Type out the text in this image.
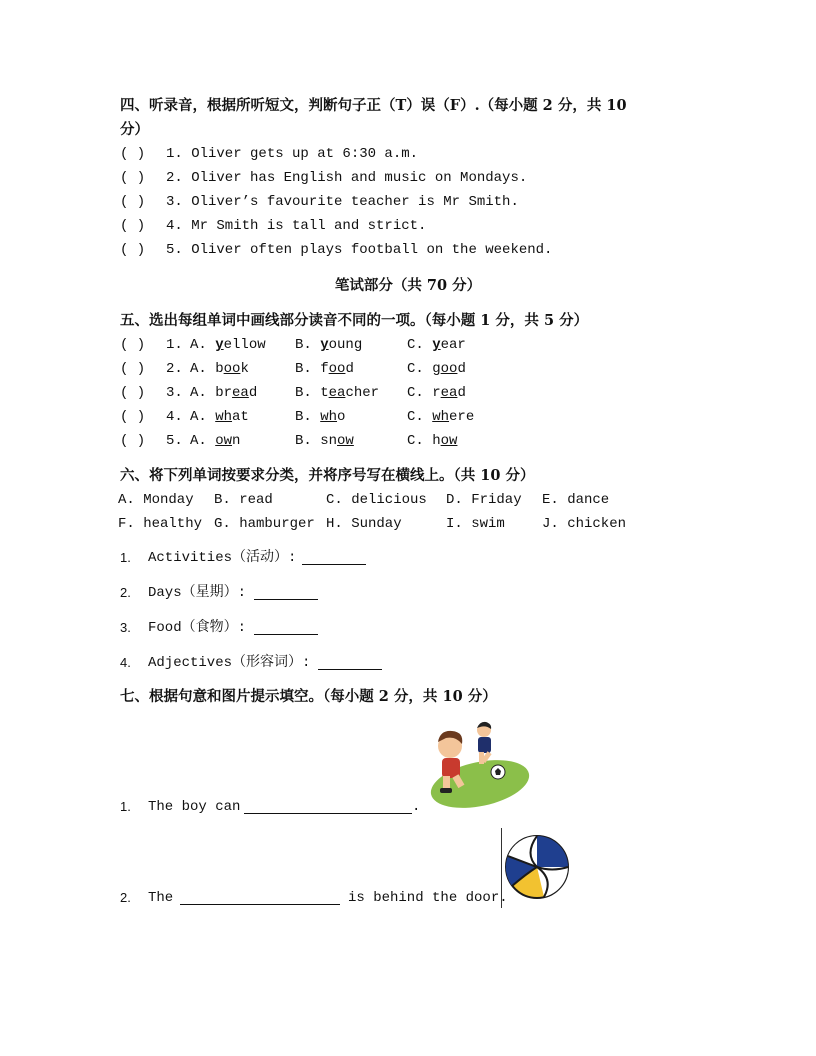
四、听录音，根据所听短文，判断句子正（T）误（F）.（每小题 2 分，共 10
分）
( ) 1. Oliver gets up at 6:30 a.m.
( ) 2. Oliver has English and music on Mondays.
( ) 3. Oliver’s favourite teacher is Mr Smith.
( ) 4. Mr Smith is tall and strict.
( ) 5. Oliver often plays football on the weekend.
笔试部分（共 70 分）
五、选出每组单词中画线部分读音不同的一项。（每小题 1 分，共 5 分）
( ) 1. A. yellow B. young	C. year
( ) 2. A. book	B. food	C. good
( ) 3. A. bread	B. teacher C. read
( ) 4. A. what	B. who	C. where
( ) 5. A. own	B. snow	C. how
六、将下列单词按要求分类，并将序号写在横线上。（共 10 分）
A. Monday B. read	C. delicious D. Friday E. dance
F. healthy G. hamburger H. Sunday	I. swim	J. chicken
1. Activities（活动）:
2. Days（星期）:
3. Food（食物）:
4. Adjectives（形容词）:
七、根据句意和图片提示填空。（每小题 2 分，共 10 分）
1. The boy can	.
2. The	is behind the door.
